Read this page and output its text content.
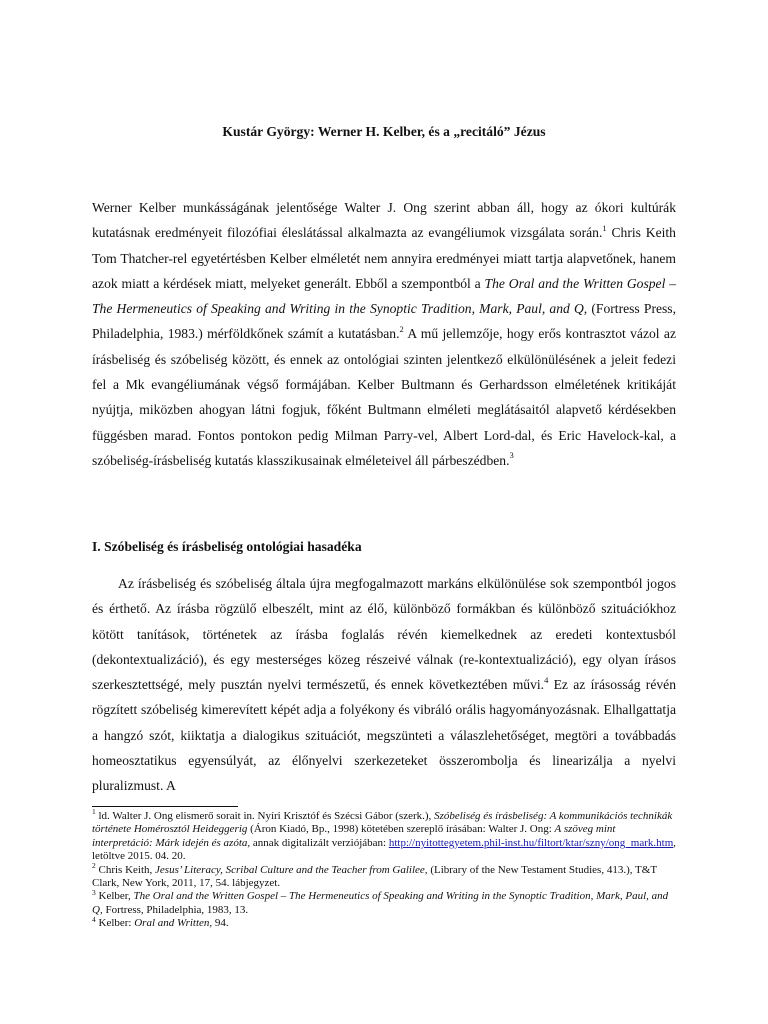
Kustár György: Werner H. Kelber, és a „recitáló” Jézus
Werner Kelber munkásságának jelentősége Walter J. Ong szerint abban áll, hogy az ókori kultúrák kutatásnak eredményeit filozófiai éleslátással alkalmazta az evangéliumok vizsgálata során.$^1$ Chris Keith Tom Thatcher-rel egyetértésben Kelber elméletét nem annyira eredményei miatt tartja alapvetőnek, hanem azok miatt a kérdések miatt, melyeket generált. Ebből a szempontból a The Oral and the Written Gospel – The Hermeneutics of Speaking and Writing in the Synoptic Tradition, Mark, Paul, and Q, (Fortress Press, Philadelphia, 1983.) mérföldkőnek számít a kutatásban.$^2$ A mű jellemzője, hogy erős kontrasztot vázol az írásbeliség és szóbeliség között, és ennek az ontológiai szinten jelentkező elkülönülésének a jeleit fedezi fel a Mk evangéliumának végső formájában. Kelber Bultmann és Gerhardsson elméletének kritikáját nyújtja, miközben ahogyan látni fogjuk, főként Bultmann elméleti meglátásaitól alapvető kérdésekben függésben marad. Fontos pontokon pedig Milman Parry-vel, Albert Lord-dal, és Eric Havelock-kal, a szóbeliség-írásbeliség kutatás klasszikusainak elméleteivel áll párbeszédben.$^3$
I. Szóbeliség és írásbeliség ontológiai hasadéka
Az írásbeliség és szóbeliség általa újra megfogalmazott markáns elkülönülése sok szempontból jogos és érthető. Az írásba rögzülő elbeszélt, mint az élő, különböző formákban és különböző szituációkhoz kötött tanítások, történetek az írásba foglalás révén kiemelkednek az eredeti kontextusból (dekontextualizáció), és egy mesterséges közeg részeivé válnak (re-kontextualizáció), egy olyan írásos szerkesztettségé, mely pusztán nyelvi természetű, és ennek következtében művi.$^4$ Ez az írásosság révén rögzített szóbeliség kimerevített képét adja a folyékony és vibráló orális hagyományozásnak. Elhallgattatja a hangzó szót, kiiktatja a dialogikus szituációt, megszünteti a válaszlehetőséget, megtöri a továbbadás homeosztatikus egyensúlyát, az élőnyelvi szerkezeteket összerombolja és linearizálja a nyelvi pluralizmust. A

$^1$ ld. Walter J. Ong elismerő sorait in. Nyíri Krisztóf és Szécsi Gábor (szerk.), Szóbeliség és írásbeliség: A kommunikációs technikák története Homérosztól Heideggerig (Áron Kiadó, Bp., 1998) kötetében szereplő írásában: Walter J. Ong: A szöveg mint interpretáció: Márk idején és azóta, annak digitalizált verziójában: http://nyitottegyetem.phil-inst.hu/filtort/ktar/szny/ong_mark.htm, letöltve 2015. 04. 20.

$^2$ Chris Keith, Jesus’ Literacy, Scribal Culture and the Teacher from Galilee, (Library of the New Testament Studies, 413.), T&T Clark, New York, 2011, 17, 54. lábjegyzet.

$^3$ Kelber, The Oral and the Written Gospel – The Hermeneutics of Speaking and Writing in the Synoptic Tradition, Mark, Paul, and Q, Fortress, Philadelphia, 1983, 13.

$^4$ Kelber: Oral and Written, 94.
